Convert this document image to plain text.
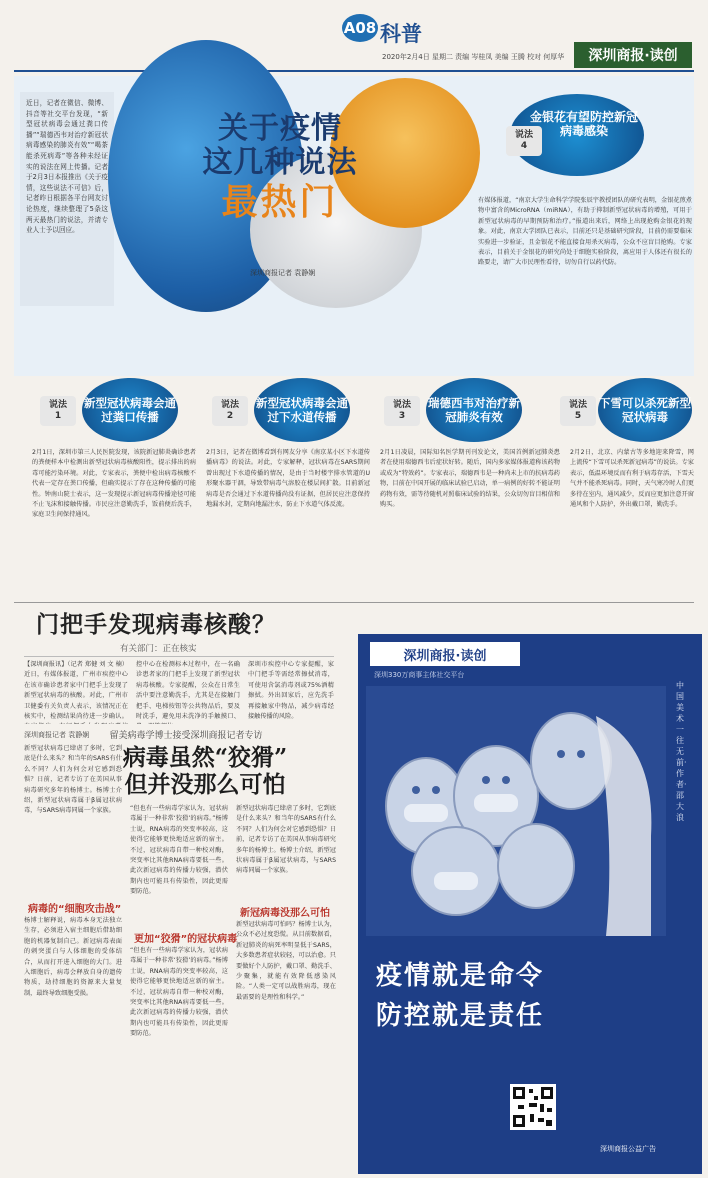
A08 科普
2020年2月4日 星期二 责编 岑桂凤 美编 王腾 校对 何厚华	深圳商报·读创
近日，记者在微信、微博、抖音等社交平台发现，“新型冠状病毒会通过粪口传播”“瑞德西韦对治疗新冠状病毒感染的肺炎有效”“喝茶能杀死病毒”等各种未经证实的说法在网上传播。记者于2月3日本报推出《关于疫情，这些说法不可信》后，记者昨日根据各平台网友讨论热度，继续整理了5条这两天最热门的说法，并请专业人士予以回应。
关于疫情
这几种说法
最热门
深圳商报记者 袁静娴
金银花有望防控新冠病毒感染
说法
4
有媒体报道，“南京大学生命科学学院张辰宇教授团队的研究表明，金银花煎煮物中富含的MicroRNA（miRNA），有助于抑制新型冠状病毒的增殖，可用于新型冠状病毒的早期预防和治疗。”报道出来后，网络上出现抢购金银花的现象。对此，南京大学团队已表示，目前还只是基础研究阶段，目前仍需要临床实验进一步验证，且金银花不能直接食用杀灭病毒，公众不应盲目抢购。专家表示，目前关于金银花的研究尚处于细胞实验阶段，离应用于人体还有很长的路要走，请广大市民理性看待，切勿自行以药代防。
说法
1
新型冠状病毒会通过粪口传播
说法
2
新型冠状病毒会通过下水道传播
说法
3
瑞德西韦对治疗新冠肺炎有效
说法
5
下雪可以杀死新型冠状病毒
2月1日，深圳市第三人民医院发现，该院新冠肺炎确诊患者的粪便样本中检测出新型冠状病毒核酸阳性，提示排出的病毒可能污染环境。对此，专家表示，粪便中检出病毒核酸不代表一定存在粪口传播，但确实提示了存在这种传播的可能性。钟南山院士表示，这一发现提示新冠病毒传播途径可能不止飞沫和接触传播。市民应注意勤洗手，饭前便后洗手，家庭卫生间保持通风。
2月3日，记者在微博看到有网友分享《南京某小区下水道传播病毒》的说法。对此，专家解释，冠状病毒在SARS期间曾出现过下水道传播的情况，是由于当时楼宇排水管道的U形聚水器干涸，导致带病毒气溶胶在楼层间扩散。目前新冠病毒是否会通过下水道传播尚没有证据，但居民应注意保持地漏水封，定期向地漏注水，防止下水道气体反流。
2月1日凌晨，国际知名医学期刊刊发论文，美国首例新冠肺炎患者在使用瑞德西韦后症状好转。随后，国内多家媒体报道称该药物或成为“特效药”。专家表示，瑞德西韦是一种尚未上市的抗病毒药物，目前在中国开展的临床试验已启动，单一病例的好转不能证明药物有效，需等待随机对照临床试验的结果，公众切勿盲目相信和购买。
2月2日，北京、内蒙古等多地迎来降雪，网上流传“下雪可以杀死新冠病毒”的说法。专家表示，低温环境反而有利于病毒存活，下雪天气并不能杀死病毒。同时，天气寒冷时人们更多待在室内，通风减少，反而应更加注意开窗通风和个人防护，外出戴口罩，勤洗手。
门把手发现病毒核酸？
有关部门：正在核实
【深圳商报讯】（记者 郑健 刘 文 楠）近日，有媒体报道，广州市疾控中心在该市确诊患者家中门把手上发现了新型冠状病毒的核酸。对此，广州市卫健委有关负责人表示，该情况正在核实中，检测结果尚待进一步确认。
控中心在检测标本过程中，在一名确诊患者家的门把手上发现了新型冠状病毒核酸。专家提醒，公众在日常生活中要注意勤洗手，尤其是在接触门把手、电梯按钮等公共物品后，要及时洗手，避免用未洗净的手触摸口、
深圳市疾控中心专家提醒，家中门把手等需经常擦拭消毒，可使用含氯消毒剂或75%酒精擦拭。外出回家后，应先洗手再接触家中物品，减少病毒经接触传播的风险。
深圳商报记者 袁静娴	留美病毒学博士接受深圳商报记者专访
病毒虽然“狡猾”
但并没那么可怕
新型冠状病毒已肆虐了多时，它到底是什么来头？和当年的SARS有什么不同？人们为何会对它感到恐惧？日前，记者专访了在美国从事病毒研究多年的杨博士。杨博士介绍，新型冠状病毒属于β属冠状病毒，与SARS病毒同属一个家族。
病毒的“细胞攻击战”
杨博士解释说，病毒本身无法独立生存，必须进入宿主细胞后借助细胞的机器复制自己。新冠病毒表面的刺突蛋白与人体细胞的受体结合，从而打开进入细胞的大门。进入细胞后，病毒会释放自身的遗传物质，劫持细胞的资源来大量复制，最终导致细胞受损。
“但也有一些病毒学家认为，冠状病毒属于一种非常‘狡猾’的病毒。”杨博士说，RNA病毒的突变率较高，这使得它能够更快地适应新的宿主。不过，冠状病毒自带一种校对酶，突变率比其他RNA病毒要低一些。此次新冠病毒的传播力较强，潜伏期内也可能具有传染性，因此更需要防范。
更加“狡猾”的冠状病毒
“但也有一些病毒学家认为，冠状病毒属于一种非常‘狡猾’的病毒。”杨博士说，RNA病毒的突变率较高，这使得它能够更快地适应新的宿主。不过，冠状病毒自带一种校对酶，突变率比其他RNA病毒要低一些。此次新冠病毒的传播力较强，潜伏期内也可能具有传染性，因此更需要防范。
新型冠状病毒已肆虐了多时，它到底是什么来头？和当年的SARS有什么不同？人们为何会对它感到恐惧？日前，记者专访了在美国从事病毒研究多年的杨博士。杨博士介绍，新型冠状病毒属于β属冠状病毒，与SARS病毒同属一个家族。
新冠病毒没那么可怕
新型冠状病毒可怕吗？杨博士认为，公众不必过度恐慌。从目前数据看，新冠肺炎的病死率明显低于SARS，大多数患者症状较轻，可以治愈。只要做好个人防护，戴口罩、勤洗手、少聚集，就能有效降低感染风险。“人类一定可以战胜病毒，现在最需要的是理性和科学。”
深圳商报·读创
深圳330万商事主体社交平台
中国美术一往无前·作者·邵大浪
疫情就是命令
防控就是责任
深圳商报公益广告
